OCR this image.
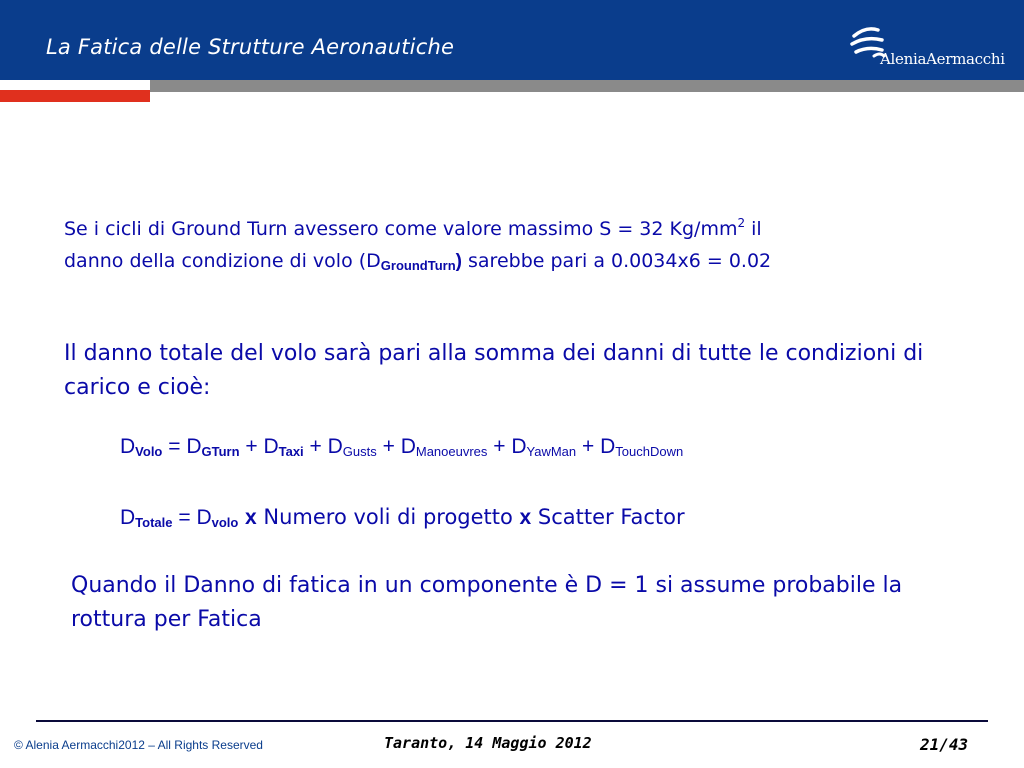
La Fatica delle Strutture Aeronautiche	AleniaAermacchi
Se i cicli di Ground Turn avessero come valore massimo S = 32 $Kg/mm^2$ il
danno della condizione di volo (DGroundTurn) sarebbe pari a 0.0034x6 = 0.02
Il danno totale del volo sarà pari alla somma dei danni di tutte le condizioni di carico e cioè:
DVolo = DGTurn + DTaxi + $D_{Gusts} + D_{Manoeuvres} + D_{YawMan} + D_{TouchDown}$
DTotale = Dvolo x Numero voli di progetto x Scatter Factor
Quando il Danno di fatica in un componente è D = 1 si assume probabile la rottura per Fatica
© Alenia Aermacchi2012 – All Rights Reserved	Taranto, 14 Maggio 2012	21/43
